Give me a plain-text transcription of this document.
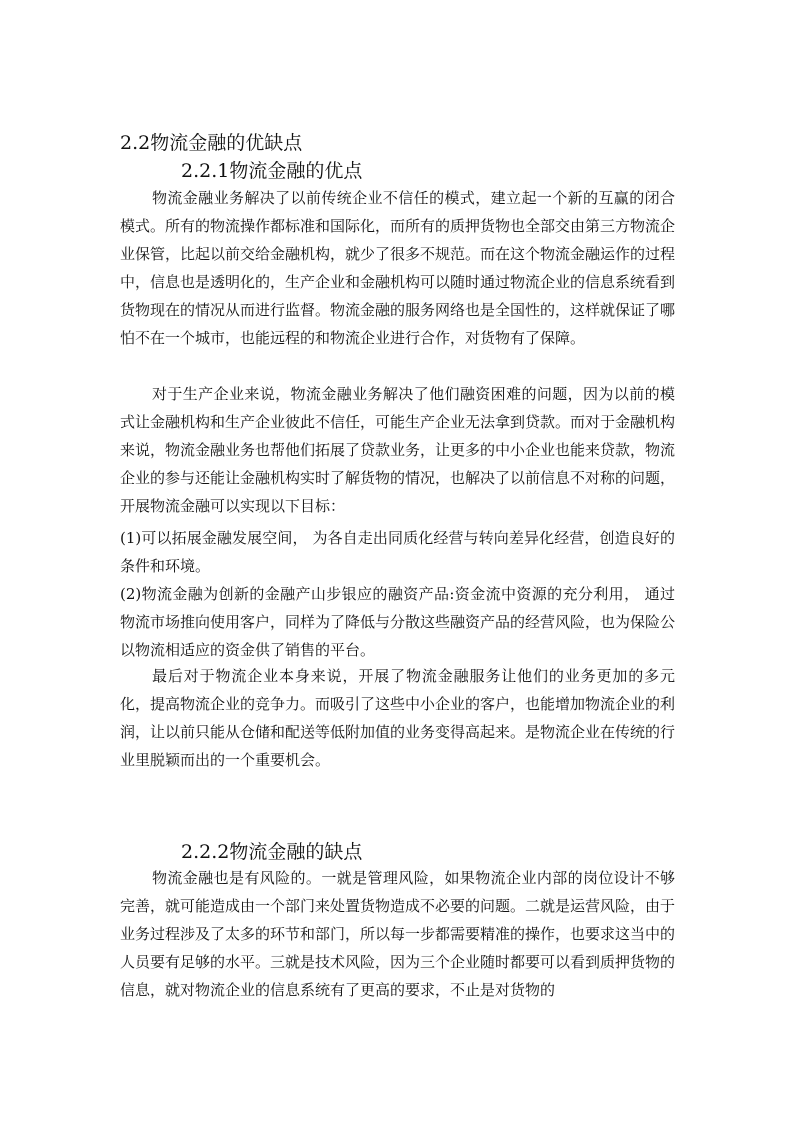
2.2物流金融的优缺点
2.2.1物流金融的优点

物流金融业务解决了以前传统企业不信任的模式，建立起一个新的互赢的闭合模式。所有的物流操作都标准和国际化，而所有的质押货物也全部交由第三方物流企业保管，比起以前交给金融机构，就少了很多不规范。而在这个物流金融运作的过程中，信息也是透明化的，生产企业和金融机构可以随时通过物流企业的信息系统看到货物现在的情况从而进行监督。物流金融的服务网络也是全国性的，这样就保证了哪怕不在一个城市，也能远程的和物流企业进行合作，对货物有了保障。

对于生产企业来说，物流金融业务解决了他们融资困难的问题，因为以前的模式让金融机构和生产企业彼此不信任，可能生产企业无法拿到贷款。而对于金融机构来说，物流金融业务也帮他们拓展了贷款业务，让更多的中小企业也能来贷款，物流企业的参与还能让金融机构实时了解货物的情况，也解决了以前信息不对称的问题，开展物流金融可以实现以下目标：

(1)可以拓展金融发展空间， 为各自走出同质化经营与转向差异化经营，创造良好的条件和环境。

(2)物流金融为创新的金融产山步银应的融资产品:资金流中资源的充分利用， 通过物流市场推向使用客户，同样为了降低与分散这些融资产品的经营风险，也为保险公以物流相适应的资金供了销售的平台。

最后对于物流企业本身来说，开展了物流金融服务让他们的业务更加的多元化，提高物流企业的竞争力。而吸引了这些中小企业的客户，也能增加物流企业的利润，让以前只能从仓储和配送等低附加值的业务变得高起来。是物流企业在传统的行业里脱颖而出的一个重要机会。

2.2.2物流金融的缺点

物流金融也是有风险的。一就是管理风险，如果物流企业内部的岗位设计不够完善，就可能造成由一个部门来处置货物造成不必要的问题。二就是运营风险，由于业务过程涉及了太多的环节和部门，所以每一步都需要精准的操作，也要求这当中的人员要有足够的水平。三就是技术风险，因为三个企业随时都要可以看到质押货物的信息，就对物流企业的信息系统有了更高的要求，不止是对货物的
